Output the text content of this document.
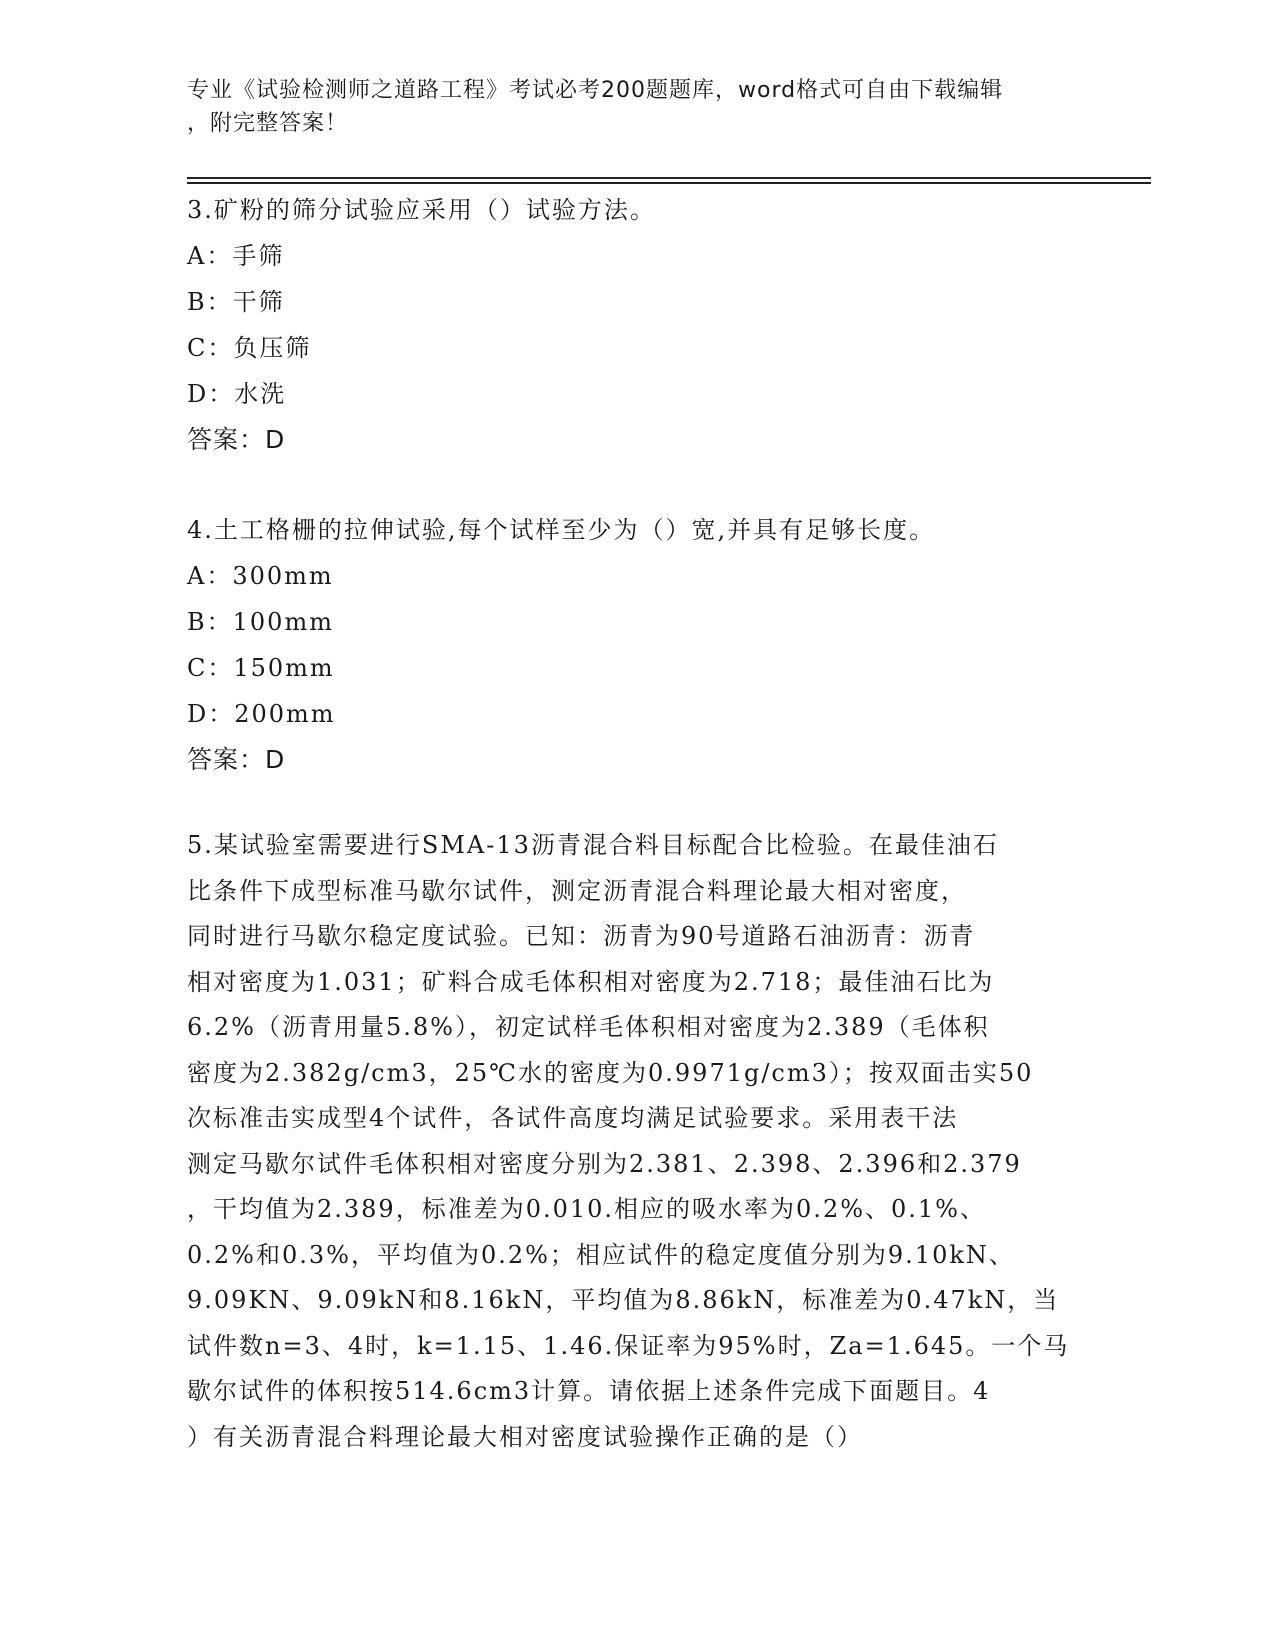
专业《试验检测师之道路工程》考试必考200题题库，word格式可自由下载编辑
，附完整答案！
3.矿粉的筛分试验应采用（）试验方法。
A：手筛
B：干筛
C：负压筛
D：水洗
答案：D
4.土工格栅的拉伸试验,每个试样至少为（）宽,并具有足够长度。
A：300mm
B：100mm
C：150mm
D：200mm
答案：D
5.某试验室需要进行SMA-13沥青混合料目标配合比检验。在最佳油石
比条件下成型标准马歇尔试件，测定沥青混合料理论最大相对密度，
同时进行马歇尔稳定度试验。已知：沥青为90号道路石油沥青：沥青
相对密度为1.031；矿料合成毛体积相对密度为2.718；最佳油石比为
6.2%（沥青用量5.8%），初定试样毛体积相对密度为2.389（毛体积
密度为2.382g/cm3，25℃水的密度为0.9971g/cm3）；按双面击实50
次标准击实成型4个试件，各试件高度均满足试验要求。采用表干法
测定马歇尔试件毛体积相对密度分别为2.381、2.398、2.396和2.379
，干均值为2.389，标准差为0.010.相应的吸水率为0.2%、0.1%、
0.2%和0.3%，平均值为0.2%；相应试件的稳定度值分别为9.10kN、
9.09KN、9.09kN和8.16kN，平均值为8.86kN，标准差为0.47kN，当
试件数n=3、4时，k=1.15、1.46.保证率为95%时，Za=1.645。一个马
歇尔试件的体积按514.6cm3计算。请依据上述条件完成下面题目。4
）有关沥青混合料理论最大相对密度试验操作正确的是（）
